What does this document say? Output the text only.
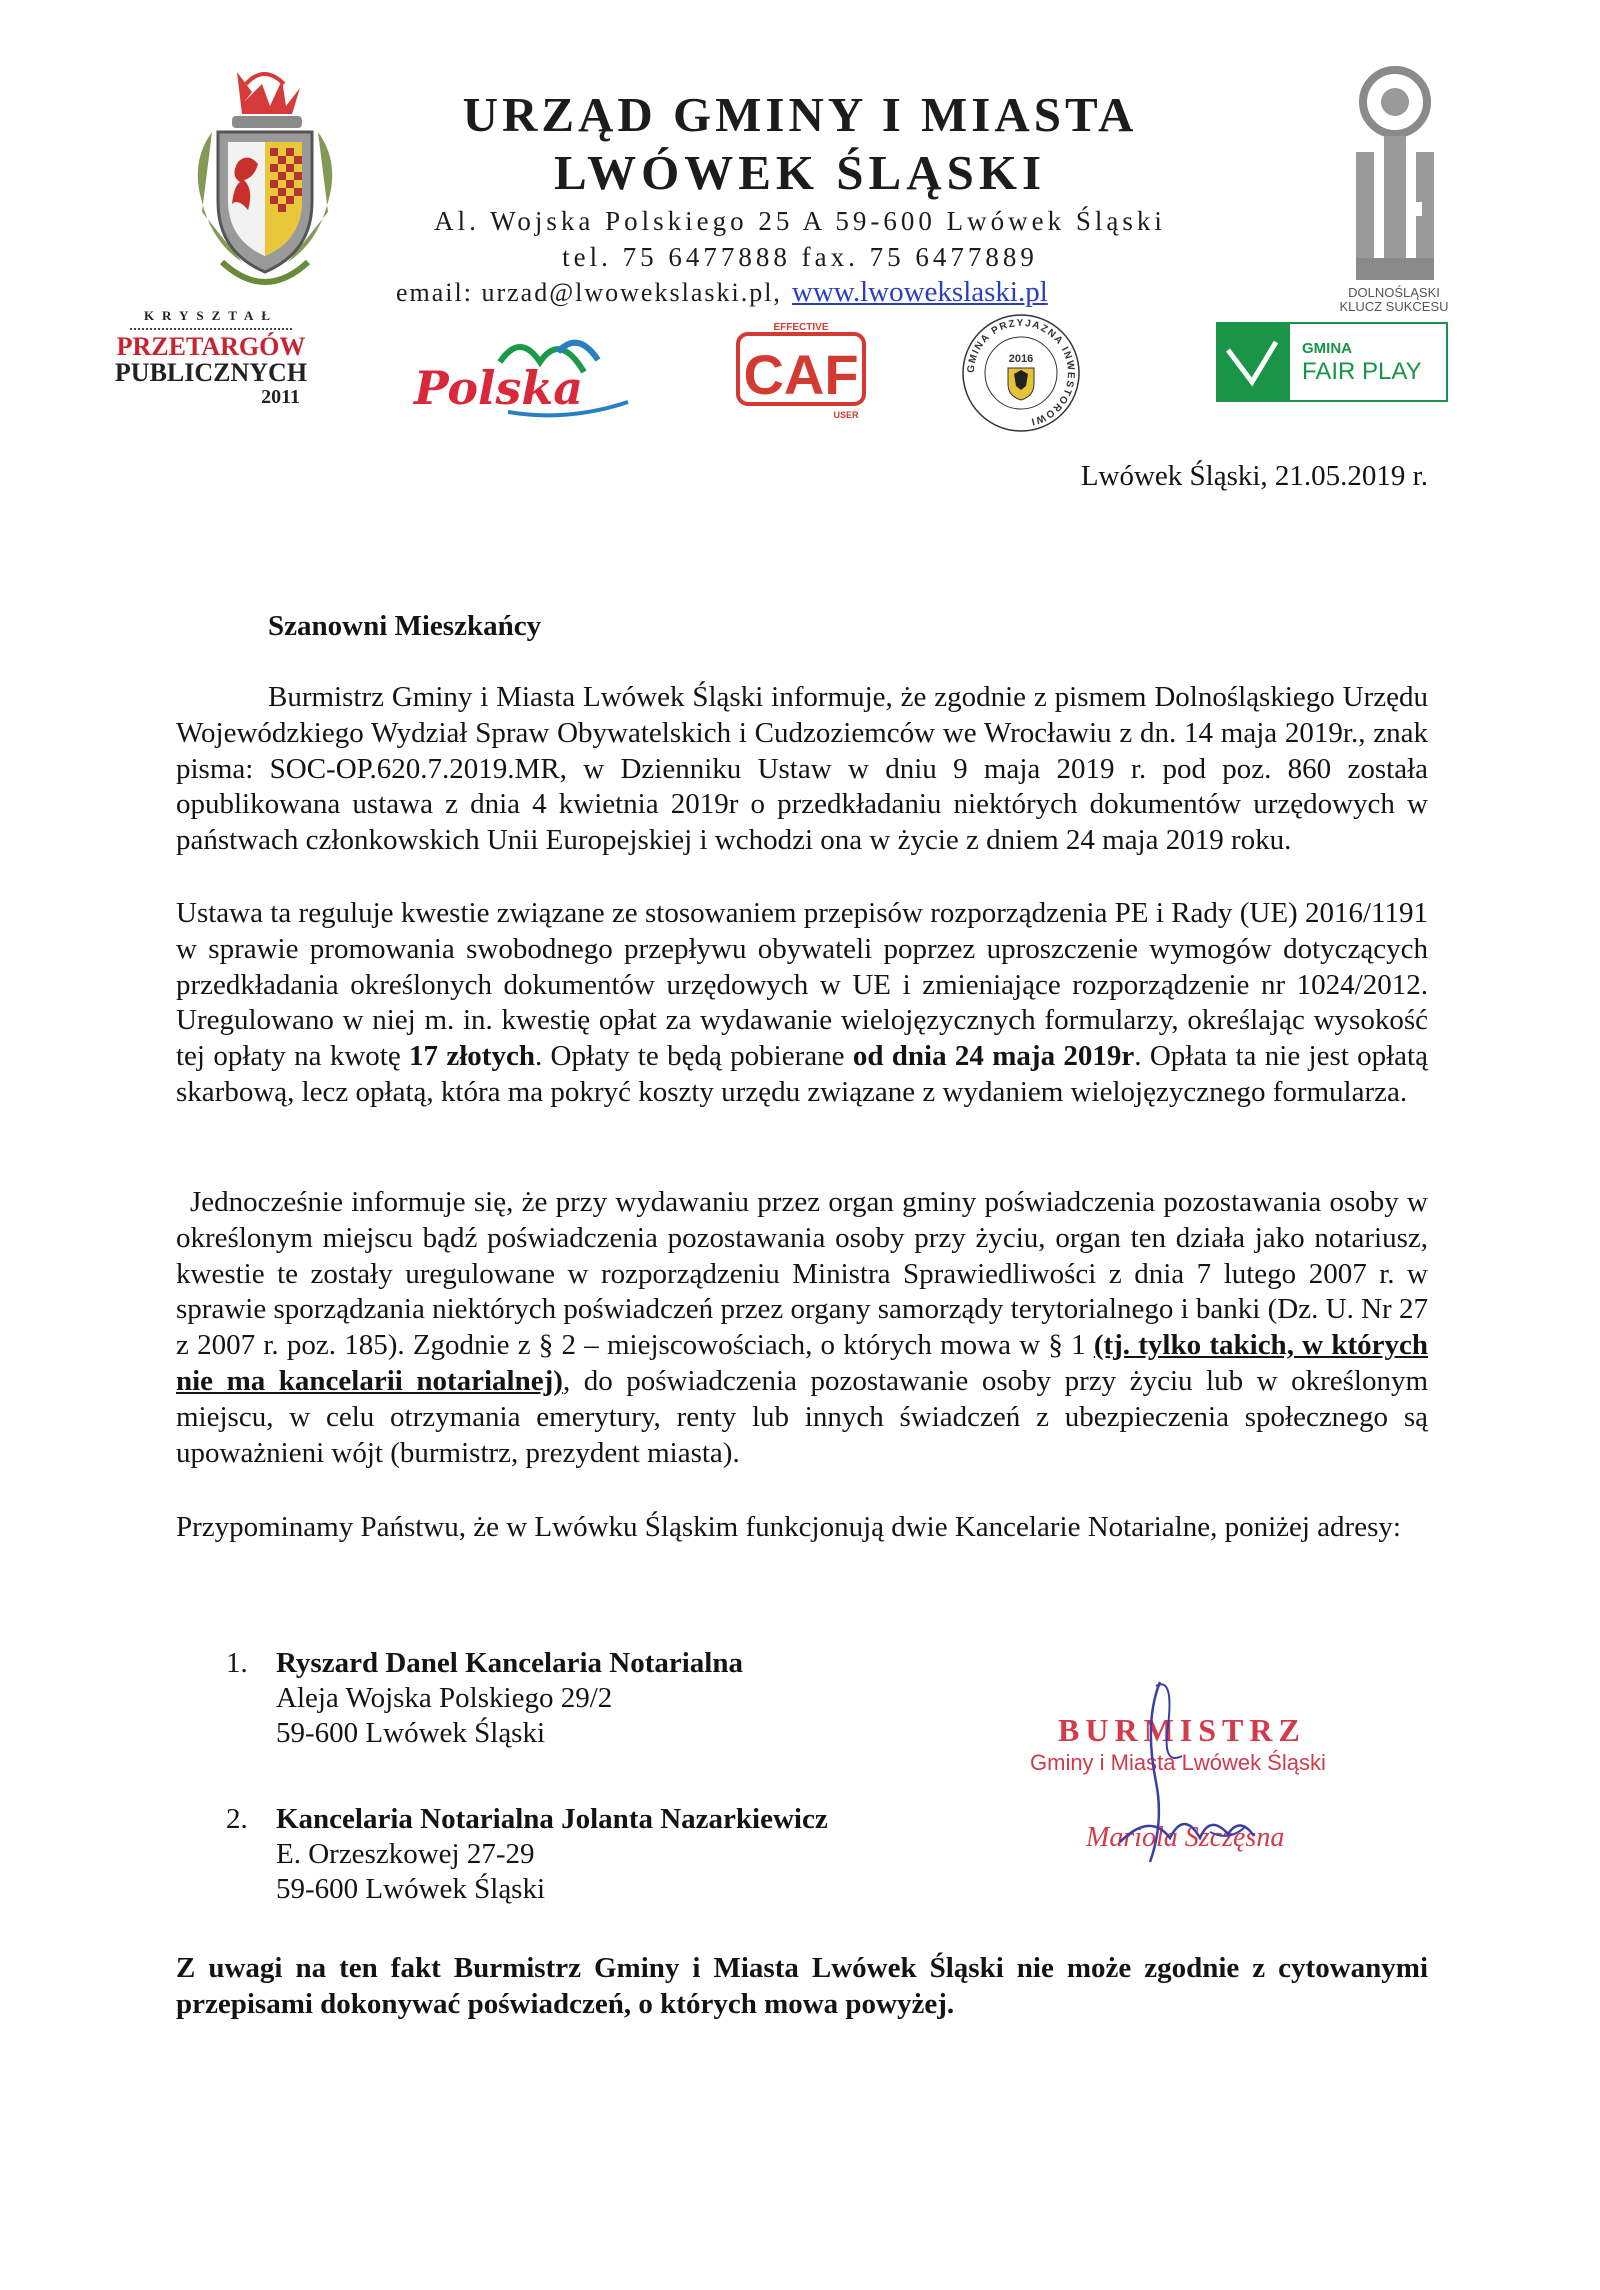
KRYSZTAŁ
PRZETARGÓW
PUBLICZNYCH
2011
URZĄD GMINY I MIASTA
LWÓWEK ŚLĄSKI
Al. Wojska Polskiego 25 A 59-600 Lwówek Śląski
tel. 75 6477888 fax. 75 6477889
email: urzad@lwowekslaski.pl, www.lwowekslaski.pl	DOLNOŚLĄSKI
KLUCZ SUKCESU
Polska
EFFECTIVE
CAF
USER
GMINA PRZYJAZNA INWESTOROWI
2016
GMINA
FAIR PLAY
Lwówek Śląski, 21.05.2019 r.
Szanowni Mieszkańcy
Burmistrz Gminy i Miasta Lwówek Śląski informuje, że zgodnie z pismem Dolnośląskiego Urzędu Wojewódzkiego Wydział Spraw Obywatelskich i Cudzoziemców we Wrocławiu z dn. 14 maja 2019r., znak pisma: SOC-OP.620.7.2019.MR, w Dzienniku Ustaw w dniu 9 maja 2019 r. pod poz. 860 została opublikowana ustawa z dnia 4 kwietnia 2019r o przedkładaniu niektórych dokumentów urzędowych w państwach członkowskich Unii Europejskiej i wchodzi ona w życie z dniem 24 maja 2019 roku.
Ustawa ta reguluje kwestie związane ze stosowaniem przepisów rozporządzenia PE i Rady (UE) 2016/1191 w sprawie promowania swobodnego przepływu obywateli poprzez uproszczenie wymogów dotyczących przedkładania określonych dokumentów urzędowych w UE i zmieniające rozporządzenie nr 1024/2012. Uregulowano w niej m. in. kwestię opłat za wydawanie wielojęzycznych formularzy, określając wysokość tej opłaty na kwotę 17 złotych. Opłaty te będą pobierane od dnia 24 maja 2019r. Opłata ta nie jest opłatą skarbową, lecz opłatą, która ma pokryć koszty urzędu związane z wydaniem wielojęzycznego formularza.
Jednocześnie informuje się, że przy wydawaniu przez organ gminy poświadczenia pozostawania osoby w określonym miejscu bądź poświadczenia pozostawania osoby przy życiu, organ ten działa jako notariusz, kwestie te zostały uregulowane w rozporządzeniu Ministra Sprawiedliwości z dnia 7 lutego 2007 r. w sprawie sporządzania niektórych poświadczeń przez organy samorządy terytorialnego i banki (Dz. U. Nr 27 z 2007 r. poz. 185). Zgodnie z § 2 – miejscowościach, o których mowa w § 1 (tj. tylko takich, w których nie ma kancelarii notarialnej), do poświadczenia pozostawanie osoby przy życiu lub w określonym miejscu, w celu otrzymania emerytury, renty lub innych świadczeń z ubezpieczenia społecznego są upoważnieni wójt (burmistrz, prezydent miasta).
Przypominamy Państwu, że w Lwówku Śląskim funkcjonują dwie Kancelarie Notarialne, poniżej adresy:
1. Ryszard Danel Kancelaria Notarialna
Aleja Wojska Polskiego 29/2
59-600 Lwówek Śląski
2. Kancelaria Notarialna Jolanta Nazarkiewicz
E. Orzeszkowej 27-29
59-600 Lwówek Śląski
Z uwagi na ten fakt Burmistrz Gminy i Miasta Lwówek Śląski nie może zgodnie z cytowanymi przepisami dokonywać poświadczeń, o których mowa powyżej.
BURMISTRZ
Gminy i Miasta Lwówek Śląski
Mariola Szczęsna
